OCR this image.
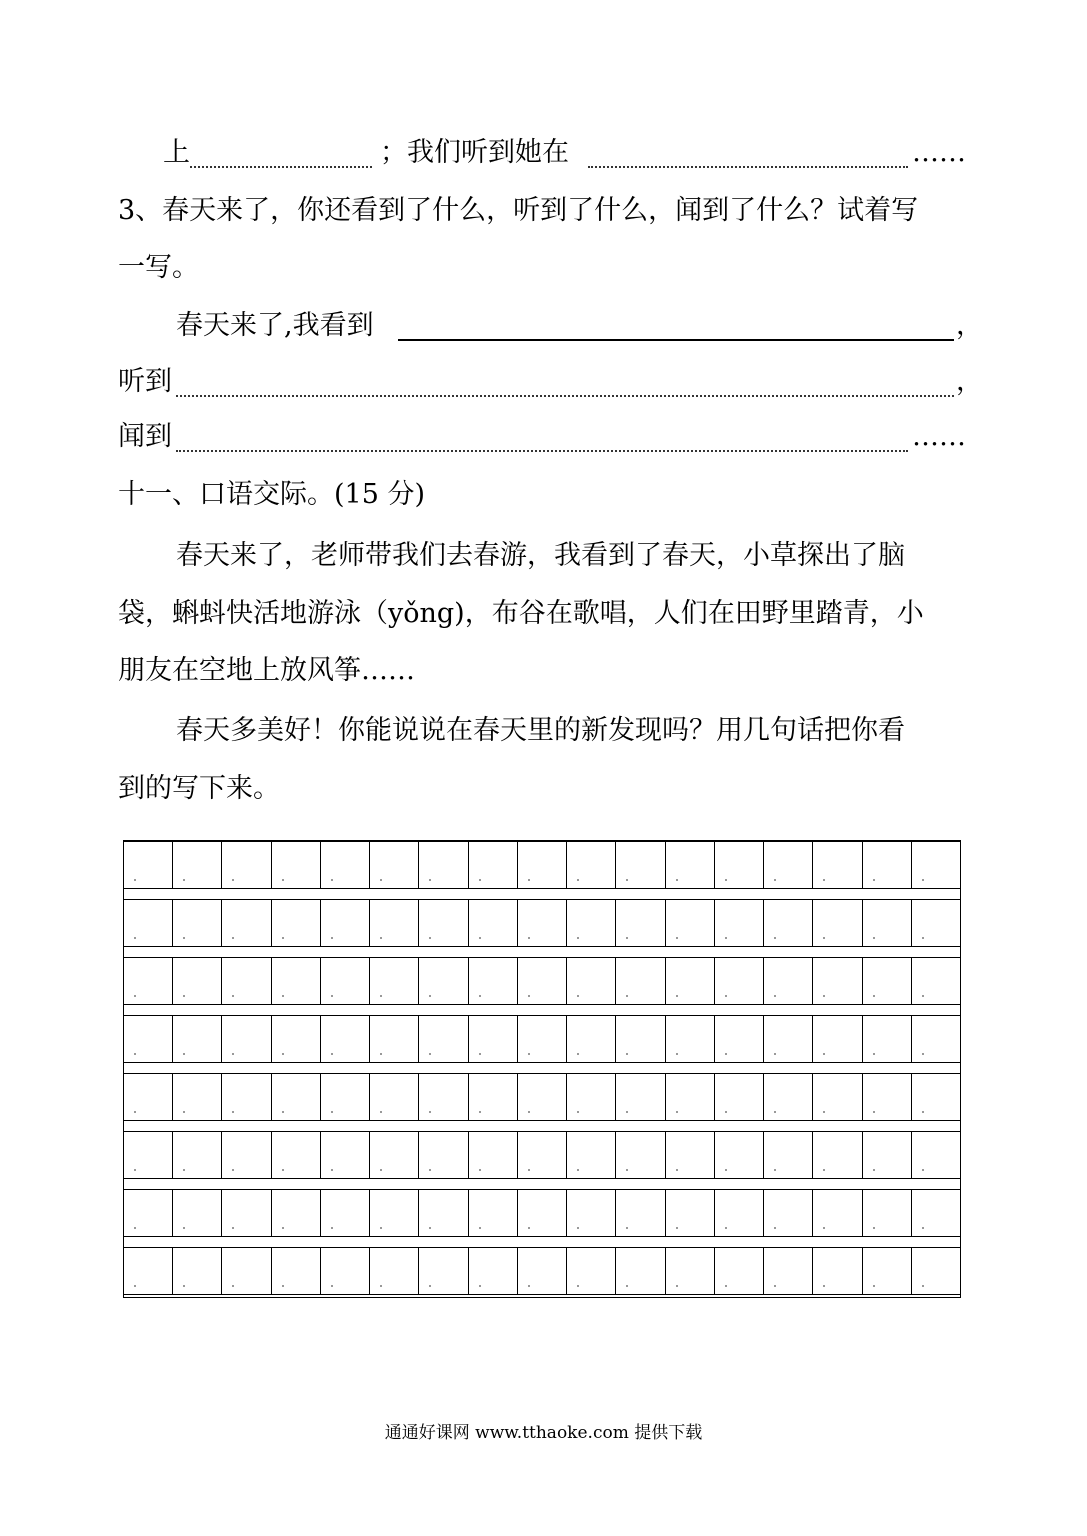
上	；我们听到她在	……
3、春天来了，你还看到了什么，听到了什么，闻到了什么？试着写
一写。
春天来了,我看到	，
听到	，
闻到	……
十一、口语交际。(15 分)
春天来了，老师带我们去春游，我看到了春天，小草探出了脑
袋，蝌蚪快活地游泳（yǒng)，布谷在歌唱，人们在田野里踏青，小
朋友在空地上放风筝……
春天多美好！你能说说在春天里的新发现吗？用几句话把你看
到的写下来。
通通好课网 www.tthaoke.com 提供下载
